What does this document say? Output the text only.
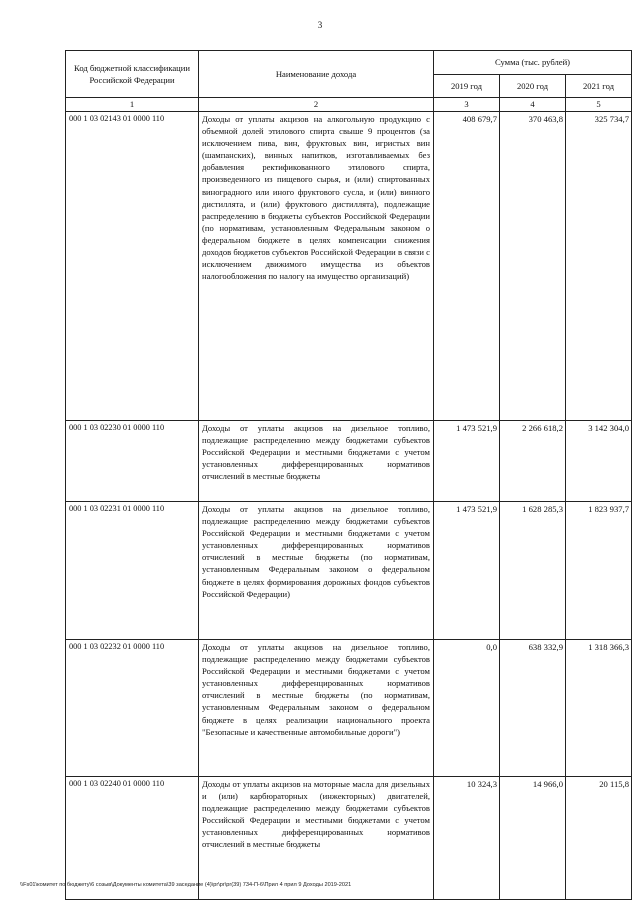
3
Код бюджетной классификации Российской Федерации	Наименование дохода	Сумма (тыс. рублей)		
		2019 год	2020 год	2021 год
1	2	3	4	5
000 1 03 02143 01 0000 110	Доходы от уплаты акцизов на алкогольную продукцию с объемной долей этилового спирта свыше 9 процентов (за исключением пива, вин, фруктовых вин, игристых вин (шампанских), винных напитков, изготавливаемых без добавления ректификованного этилового спирта, произведенного из пищевого сырья, и (или) спиртованных виноградного или иного фруктового сусла, и (или) винного дистиллята, и (или) фруктового дистиллята), подлежащие распределению в бюджеты субъектов Российской Федерации (по нормативам, установленным Федеральным законом о федеральном бюджете в целях компенсации снижения доходов бюджетов субъектов Российской Федерации в связи с исключением движимого имущества из объектов налогообложения по налогу на имущество организаций)	408 679,7	370 463,8	325 734,7
000 1 03 02230 01 0000 110	Доходы от уплаты акцизов на дизельное топливо, подлежащие распределению между бюджетами субъектов Российской Федерации и местными бюджетами с учетом установленных дифференцированных нормативов отчислений в местные бюджеты	1 473 521,9	2 266 618,2	3 142 304,0
000 1 03 02231 01 0000 110	Доходы от уплаты акцизов на дизельное топливо, подлежащие распределению между бюджетами субъектов Российской Федерации и местными бюджетами с учетом установленных дифференцированных нормативов отчислений в местные бюджеты (по нормативам, установленным Федеральным законом о федеральном бюджете в целях формирования дорожных фондов субъектов Российской Федерации)	1 473 521,9	1 628 285,3	1 823 937,7
000 1 03 02232 01 0000 110	Доходы от уплаты акцизов на дизельное топливо, подлежащие распределению между бюджетами субъектов Российской Федерации и местными бюджетами с учетом установленных дифференцированных нормативов отчислений в местные бюджеты (по нормативам, установленным Федеральным законом о федеральном бюджете в целях реализации национального проекта "Безопасные и качественные автомобильные дороги")	0,0	638 332,9	1 318 366,3
000 1 03 02240 01 0000 110	Доходы от уплаты акцизов на моторные масла для дизельных и (или) карбюраторных (инжекторных) двигателей, подлежащие распределению между бюджетами субъектов Российской Федерации и местными бюджетами с учетом установленных дифференцированных нормативов отчислений в местные бюджеты	10 324,3	14 966,0	20 115,8
\\Fs01\комитет по бюджету\6 созыв\Документы комитета\39 заседание (4)\pr\pr\pr(39) 734-П-6\Прил 4 прил 9 Доходы 2019-2021
